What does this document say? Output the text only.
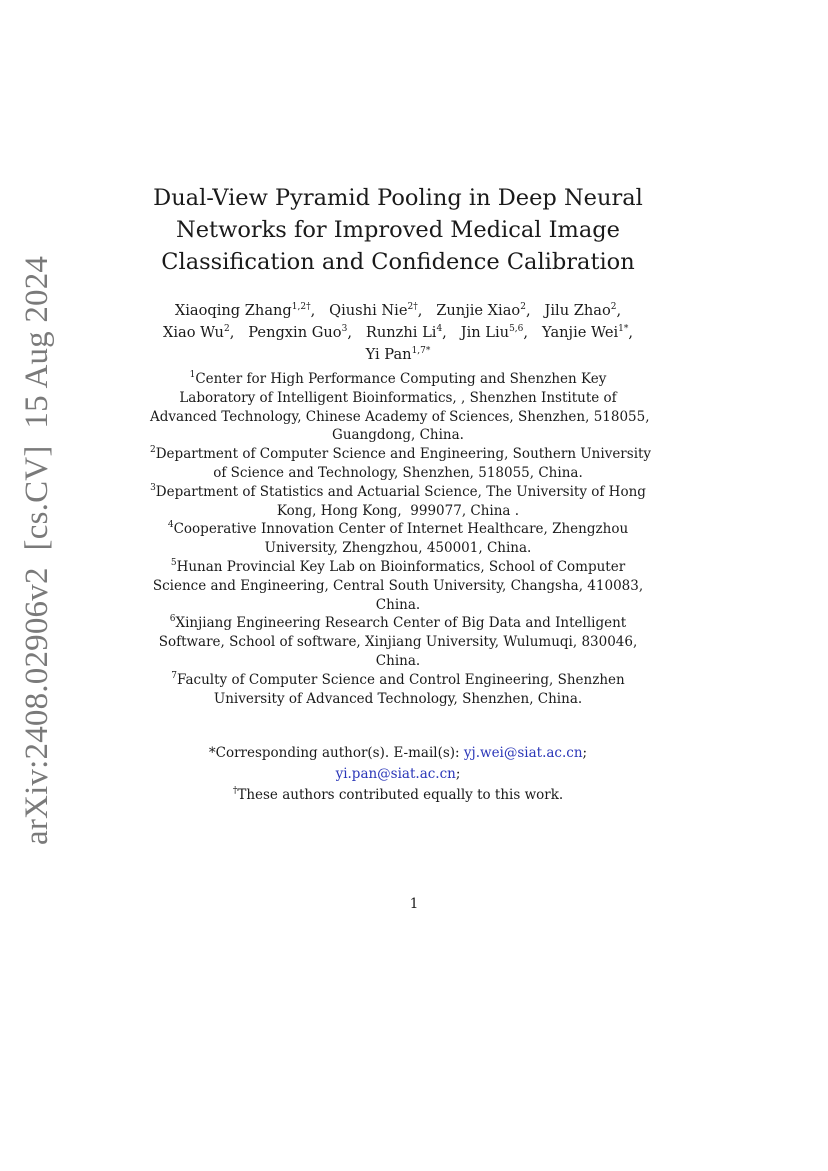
arXiv:2408.02906v2  [cs.CV]  15 Aug 2024
Dual-View Pyramid Pooling in Deep Neural
Networks for Improved Medical Image
Classification and Confidence Calibration
Xiaoqing Zhang$^{1,2\dagger}$,   Qiushi Nie$^{2\dagger}$,   Zunjie Xiao$^2$,   Jilu Zhao$^2$,
Xiao Wu$^2$,   Pengxin Guo$^3$,   Runzhi Li$^4$,   Jin Liu$^{5,6}$,   Yanjie Wei$^{1*}$,
Yi Pan$^{1,7*}$
$^1$Center for High Performance Computing and Shenzhen Key
Laboratory of Intelligent Bioinformatics, , Shenzhen Institute of
Advanced Technology, Chinese Academy of Sciences, Shenzhen, 518055,
Guangdong, China.
$^2$Department of Computer Science and Engineering, Southern University
of Science and Technology, Shenzhen, 518055, China.
$^3$Department of Statistics and Actuarial Science, The University of Hong
Kong, Hong Kong,  999077, China .
$^4$Cooperative Innovation Center of Internet Healthcare, Zhengzhou
University, Zhengzhou, 450001, China.
$^5$Hunan Provincial Key Lab on Bioinformatics, School of Computer
Science and Engineering, Central South University, Changsha, 410083,
China.
$^6$Xinjiang Engineering Research Center of Big Data and Intelligent
Software, School of software, Xinjiang University, Wulumuqi, 830046,
China.
$^7$Faculty of Computer Science and Control Engineering, Shenzhen
University of Advanced Technology, Shenzhen, China.
*Corresponding author(s). E-mail(s): yj.wei@siat.ac.cn;
yi.pan@siat.ac.cn;
†These authors contributed equally to this work.
1
